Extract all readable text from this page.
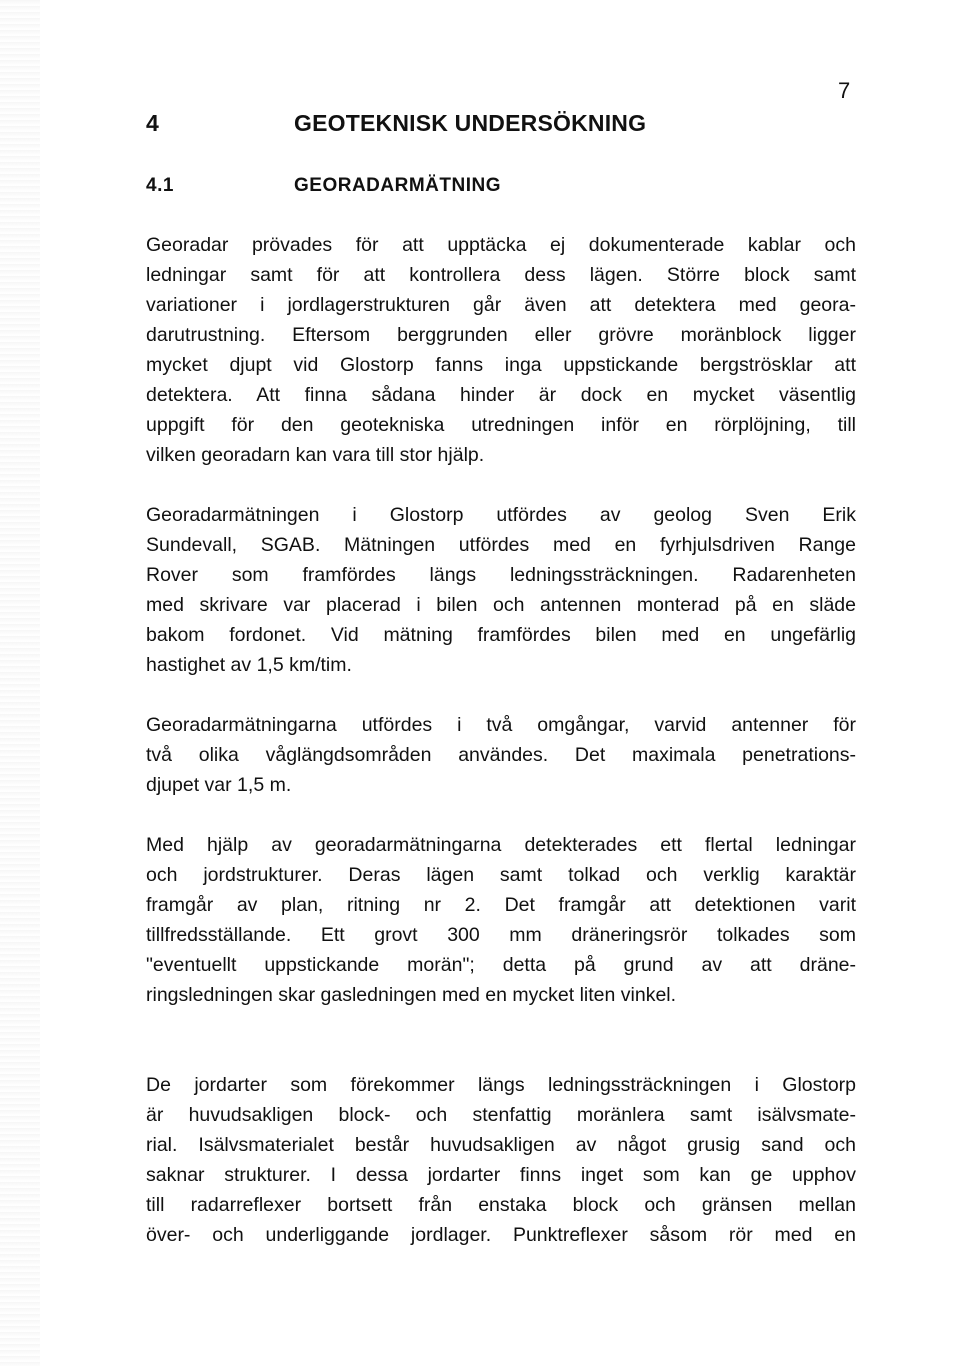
7
4	GEOTEKNISK UNDERSÖKNING
4.1	GEORADARMÄTNING
Georadar prövades för att upptäcka ej dokumenterade kablar och
ledningar samt för att kontrollera dess lägen. Större block samt
variationer i jordlagerstrukturen går även att detektera med geora-
darutrustning. Eftersom berggrunden eller grövre moränblock ligger
mycket djupt vid Glostorp fanns inga uppstickande bergströsklar att
detektera. Att finna sådana hinder är dock en mycket väsentlig
uppgift för den geotekniska utredningen inför en rörplöjning, till
vilken georadarn kan vara till stor hjälp.
Georadarmätningen i Glostorp utfördes av geolog Sven Erik
Sundevall, SGAB. Mätningen utfördes med en fyrhjulsdriven Range
Rover som framfördes längs ledningssträckningen. Radarenheten
med skrivare var placerad i bilen och antennen monterad på en släde
bakom fordonet. Vid mätning framfördes bilen med en ungefärlig
hastighet av 1,5 km/tim.
Georadarmätningarna utfördes i två omgångar, varvid antenner för
två olika våglängdsområden användes. Det maximala penetrations-
djupet var 1,5 m.
Med hjälp av georadarmätningarna detekterades ett flertal ledningar
och jordstrukturer. Deras lägen samt tolkad och verklig karaktär
framgår av plan, ritning nr 2. Det framgår att detektionen varit
tillfredsställande. Ett grovt 300 mm dräneringsrör tolkades som
"eventuellt uppstickande morän"; detta på grund av att dräne-
ringsledningen skar gasledningen med en mycket liten vinkel.
De jordarter som förekommer längs ledningssträckningen i Glostorp
är huvudsakligen block- och stenfattig moränlera samt isälvsmate-
rial. Isälvsmaterialet består huvudsakligen av något grusig sand och
saknar strukturer. I dessa jordarter finns inget som kan ge upphov
till radarreflexer bortsett från enstaka block och gränsen mellan
över- och underliggande jordlager. Punktreflexer såsom rör med en
